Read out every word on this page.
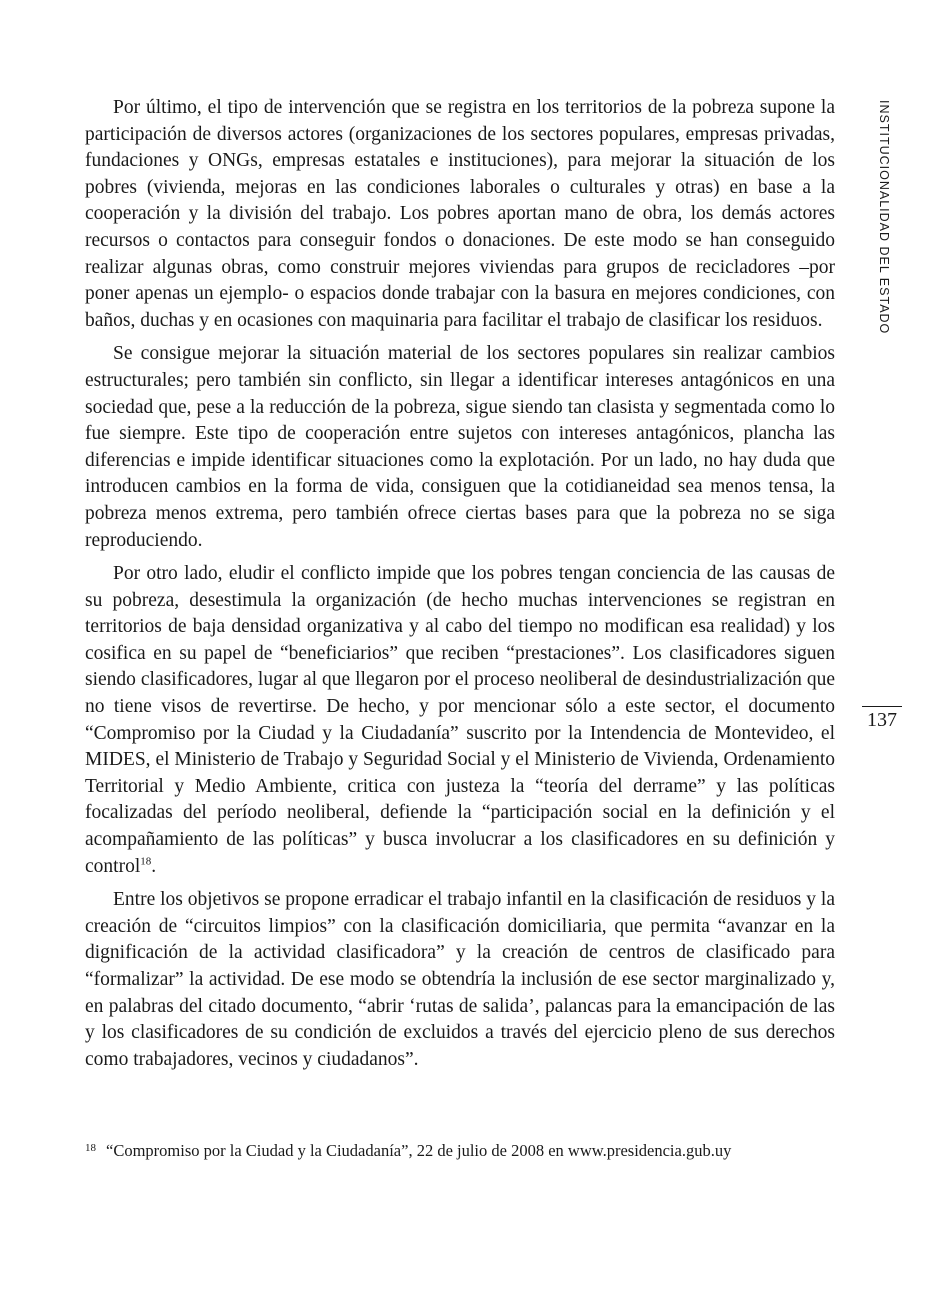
INSTITUCIONALIDAD DEL ESTADO
137

Por último, el tipo de intervención que se registra en los territorios de la pobreza supone la participación de diversos actores (organizaciones de los sectores populares, empresas privadas, fundaciones y ONGs, empresas estatales e instituciones), para mejorar la situación de los pobres (vivienda, mejoras en las condiciones laborales o culturales y otras) en base a la cooperación y la división del trabajo. Los pobres aportan mano de obra, los demás actores recursos o contactos para conseguir fondos o donaciones. De este modo se han conseguido realizar algunas obras, como construir mejores viviendas para grupos de recicladores –por poner apenas un ejemplo- o espacios donde trabajar con la basura en mejores condiciones, con baños, duchas y en ocasiones con maquinaria para facilitar el trabajo de clasificar los residuos.

Se consigue mejorar la situación material de los sectores populares sin realizar cambios estructurales; pero también sin conflicto, sin llegar a identificar intereses antagónicos en una sociedad que, pese a la reducción de la pobreza, sigue siendo tan clasista y segmentada como lo fue siempre. Este tipo de cooperación entre sujetos con intereses antagónicos, plancha las diferencias e impide identificar situaciones como la explotación. Por un lado, no hay duda que introducen cambios en la forma de vida, consiguen que la cotidianeidad sea menos tensa, la pobreza menos extrema, pero también ofrece ciertas bases para que la pobreza no se siga reproduciendo.

Por otro lado, eludir el conflicto impide que los pobres tengan conciencia de las causas de su pobreza, desestimula la organización (de hecho muchas intervenciones se registran en territorios de baja densidad organizativa y al cabo del tiempo no modifican esa realidad) y los cosifica en su papel de “beneficiarios” que reciben “prestaciones”. Los clasificadores siguen siendo clasificadores, lugar al que llegaron por el proceso neoliberal de desindustrialización que no tiene visos de revertirse. De hecho, y por mencionar sólo a este sector, el documento “Compromiso por la Ciudad y la Ciudadanía” suscrito por la Intendencia de Montevideo, el MIDES, el Ministerio de Trabajo y Seguridad Social y el Ministerio de Vivienda, Ordenamiento Territorial y Medio Ambiente, critica con justeza la “teoría del derrame” y las políticas focalizadas del período neoliberal, defiende la “participación social en la definición y el acompañamiento de las políticas” y busca involucrar a los clasificadores en su definición y control$^{18}$.

Entre los objetivos se propone erradicar el trabajo infantil en la clasificación de residuos y la creación de “circuitos limpios” con la clasificación domiciliaria, que permita “avanzar en la dignificación de la actividad clasificadora” y la creación de centros de clasificado para “formalizar” la actividad. De ese modo se obtendría la inclusión de ese sector marginalizado y, en palabras del citado documento, “abrir ‘rutas de salida’, palancas para la emancipación de las y los clasificadores de su condición de excluidos a través del ejercicio pleno de sus derechos como trabajadores, vecinos y ciudadanos”.

$^{18}$ “Compromiso por la Ciudad y la Ciudadanía”, 22 de julio de 2008 en www.presidencia.gub.uy
